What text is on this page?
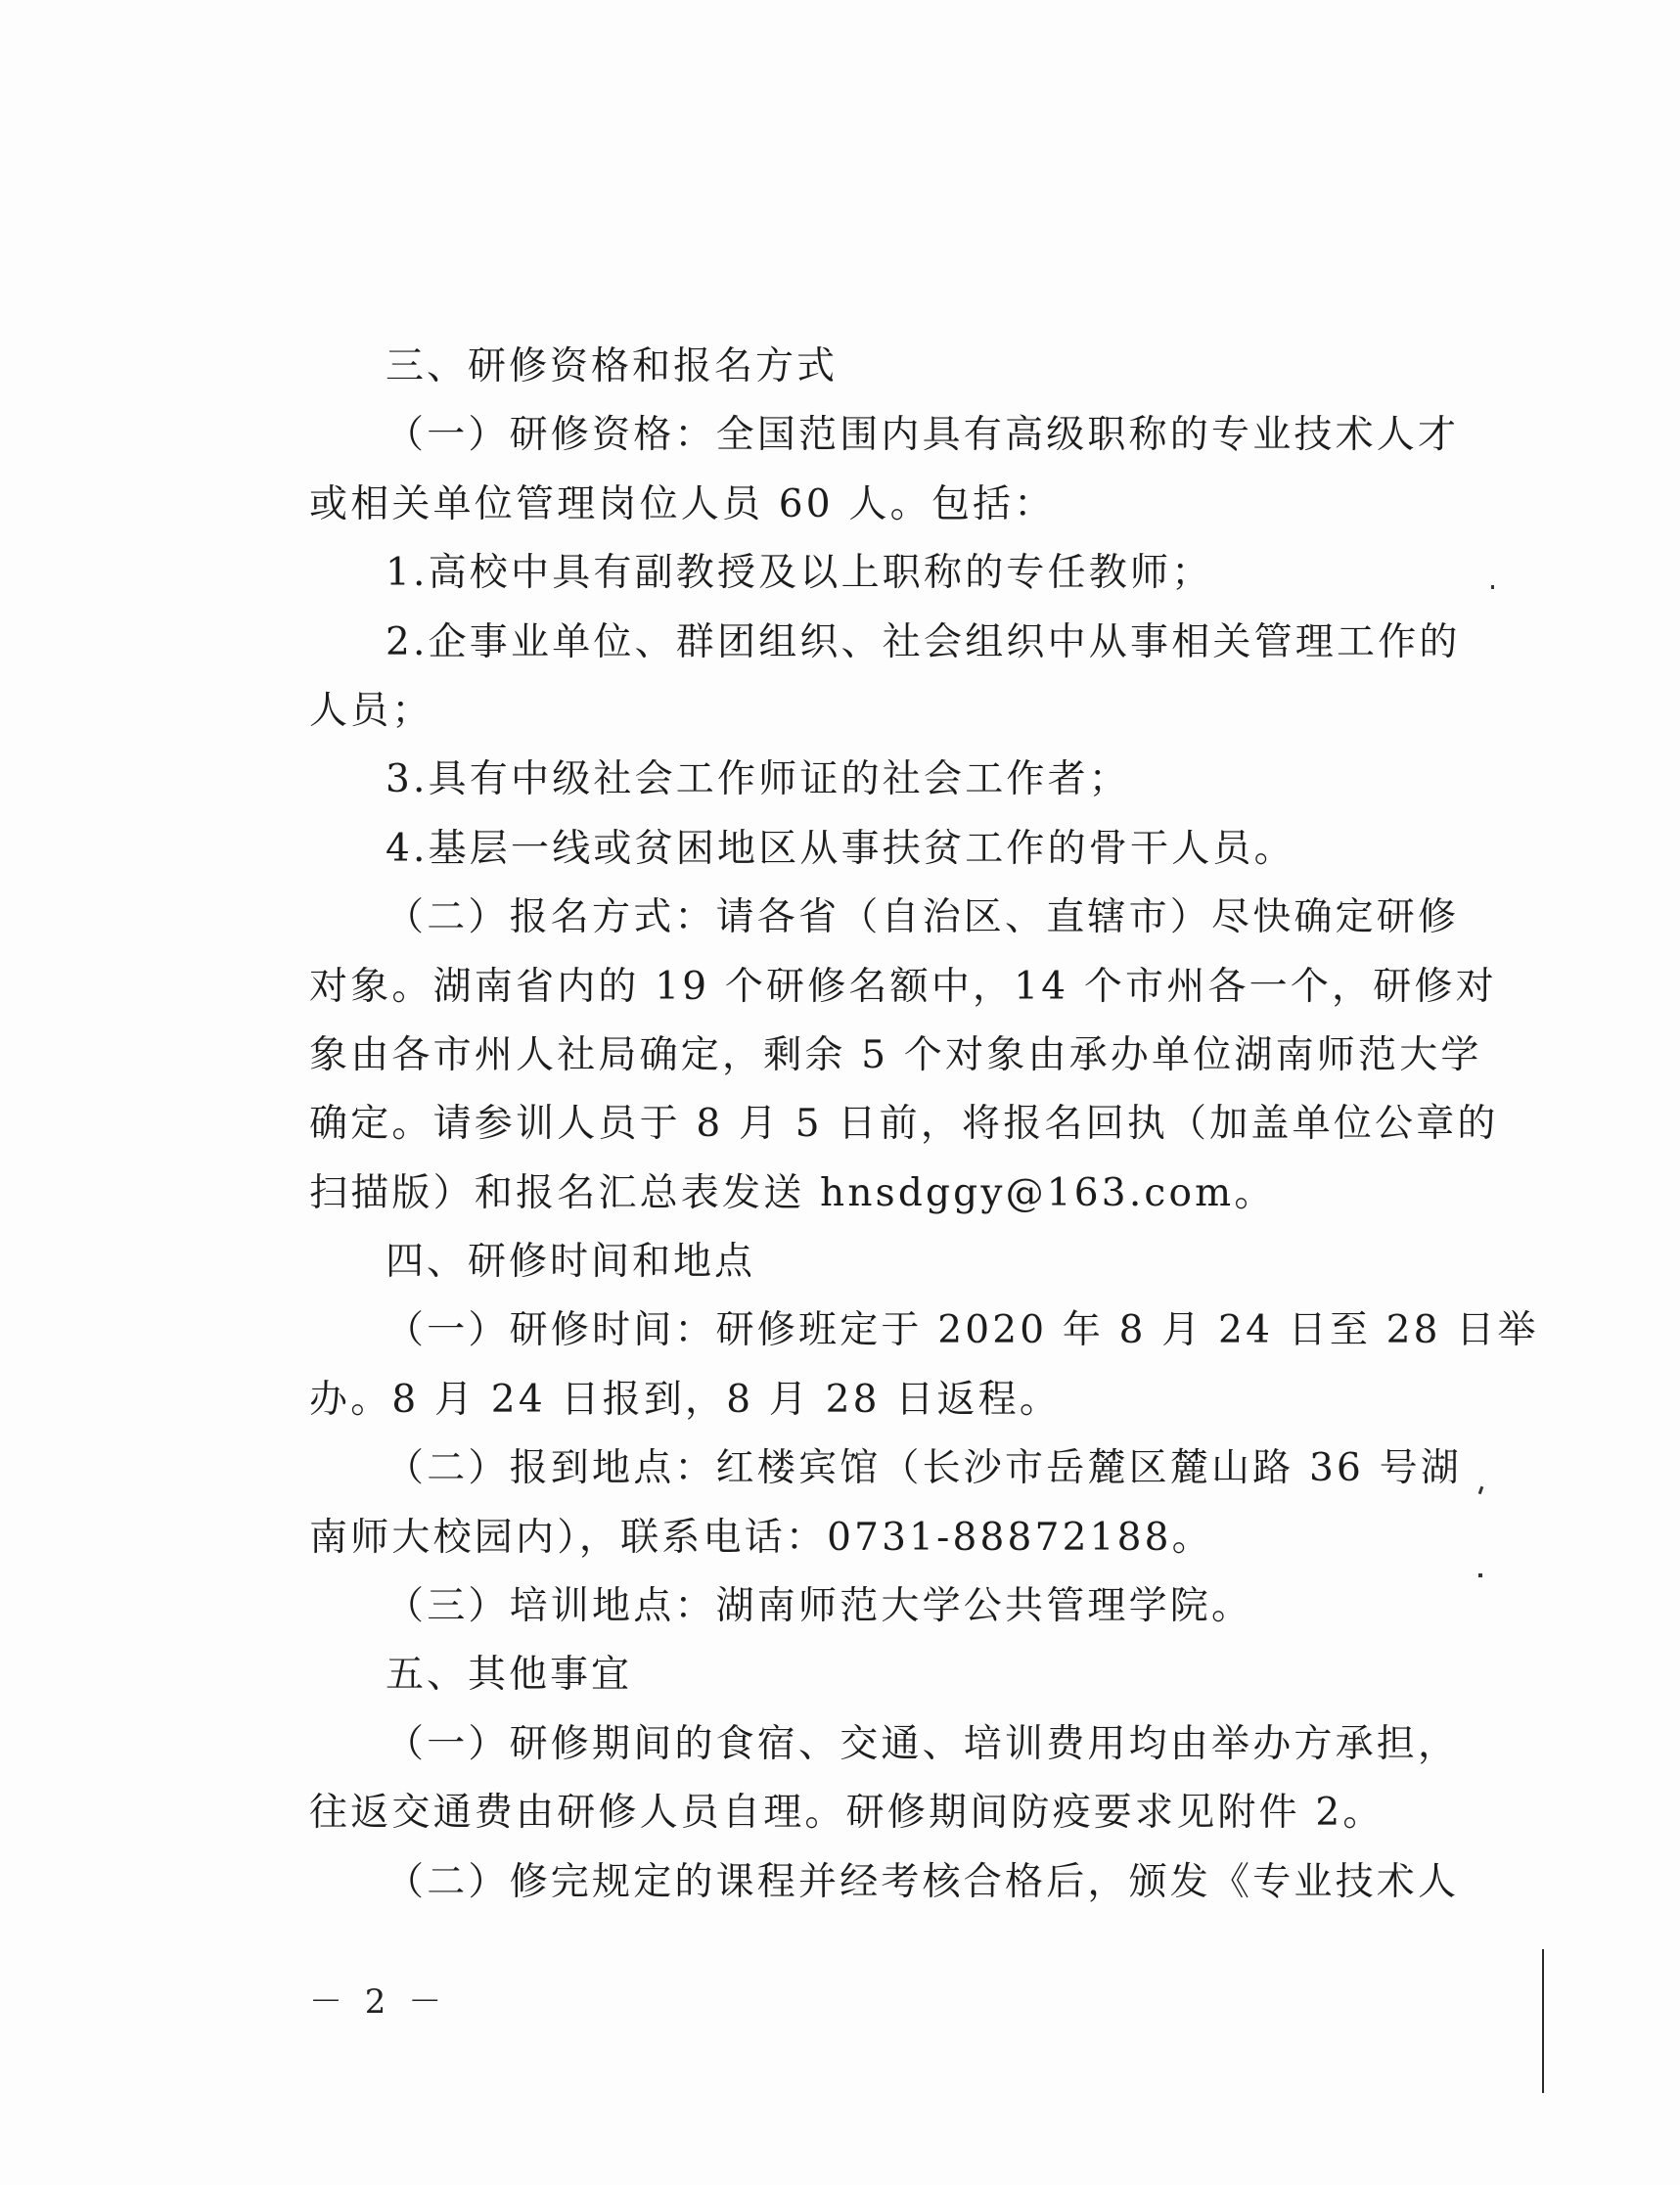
三、研修资格和报名方式
（一）研修资格：全国范围内具有高级职称的专业技术人才
或相关单位管理岗位人员 60 人。包括：
1.高校中具有副教授及以上职称的专任教师；
2.企事业单位、群团组织、社会组织中从事相关管理工作的
人员；
3.具有中级社会工作师证的社会工作者；
4.基层一线或贫困地区从事扶贫工作的骨干人员。
（二）报名方式：请各省（自治区、直辖市）尽快确定研修
对象。湖南省内的 19 个研修名额中，14 个市州各一个，研修对
象由各市州人社局确定，剩余 5 个对象由承办单位湖南师范大学
确定。请参训人员于 8 月 5 日前，将报名回执（加盖单位公章的
扫描版）和报名汇总表发送 hnsdggy@163.com。
四、研修时间和地点
（一）研修时间：研修班定于 2020 年 8 月 24 日至 28 日举
办。8 月 24 日报到，8 月 28 日返程。
（二）报到地点：红楼宾馆（长沙市岳麓区麓山路 36 号湖
南师大校园内），联系电话：0731-88872188。
（三）培训地点：湖南师范大学公共管理学院。
五、其他事宜
（一）研修期间的食宿、交通、培训费用均由举办方承担，
往返交通费由研修人员自理。研修期间防疫要求见附件 2。
（二）修完规定的课程并经考核合格后，颁发《专业技术人
－ 2 －
